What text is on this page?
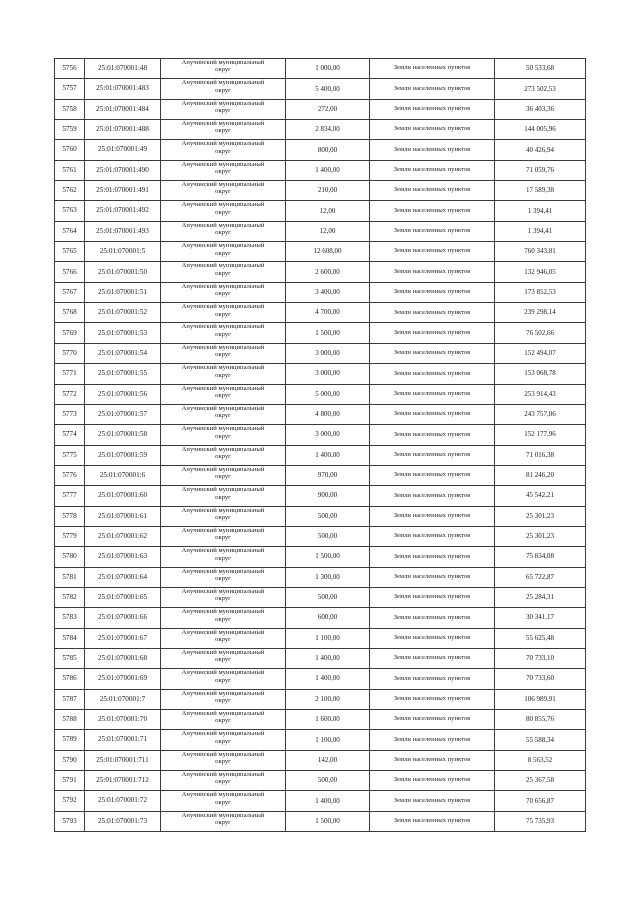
5756	25:01:070001:48	Анучинский муниципальный
округ	1 000,00	Земли населенных пунктов	50 533,68
5757	25:01:070001:483	Анучинский муниципальный
округ	5 400,00	Земли населенных пунктов	273 502,53
5758	25:01:070001:484	Анучинский муниципальный
округ	272,00	Земли населенных пунктов	36 403,36
5759	25:01:070001:488	Анучинский муниципальный
округ	2 834,00	Земли населенных пунктов	144 005,96
5760	25:01:070001:49	Анучинский муниципальный
округ	800,00	Земли населенных пунктов	40 426,94
5761	25:01:070001:490	Анучинский муниципальный
округ	1 400,00	Земли населенных пунктов	71 059,76
5762	25:01:070001:491	Анучинский муниципальный
округ	210,00	Земли населенных пунктов	17 589,38
5763	25:01:070001:492	Анучинский муниципальный
округ	12,00	Земли населенных пунктов	1 394,41
5764	25:01:070001:493	Анучинский муниципальный
округ	12,00	Земли населенных пунктов	1 394,41
5765	25:01:070001:5	Анучинский муниципальный
округ	12 608,00	Земли населенных пунктов	760 343,81
5766	25:01:070001:50	Анучинский муниципальный
округ	2 600,00	Земли населенных пунктов	132 946,05
5767	25:01:070001:51	Анучинский муниципальный
округ	3 400,00	Земли населенных пунктов	173 852,53
5768	25:01:070001:52	Анучинский муниципальный
округ	4 700,00	Земли населенных пунктов	239 298,14
5769	25:01:070001:53	Анучинский муниципальный
округ	1 500,00	Земли населенных пунктов	76 502,66
5770	25:01:070001:54	Анучинский муниципальный
округ	3 000,00	Земли населенных пунктов	152 494,07
5771	25:01:070001:55	Анучинский муниципальный
округ	3 000,00	Земли населенных пунктов	153 068,78
5772	25:01:070001:56	Анучинский муниципальный
округ	5 000,00	Земли населенных пунктов	253 914,43
5773	25:01:070001:57	Анучинский муниципальный
округ	4 800,00	Земли населенных пунктов	243 757,86
5774	25:01:070001:58	Анучинский муниципальный
округ	3 000,00	Земли населенных пунктов	152 177,96
5775	25:01:070001:59	Анучинский муниципальный
округ	1 400,00	Земли населенных пунктов	71 016,38
5776	25:01:070001:6	Анучинский муниципальный
округ	970,00	Земли населенных пунктов	81 246,20
5777	25:01:070001:60	Анучинский муниципальный
округ	900,00	Земли населенных пунктов	45 542,21
5778	25:01:070001:61	Анучинский муниципальный
округ	500,00	Земли населенных пунктов	25 301,23
5779	25:01:070001:62	Анучинский муниципальный
округ	500,00	Земли населенных пунктов	25 301,23
5780	25:01:070001:63	Анучинский муниципальный
округ	1 500,00	Земли населенных пунктов	75 834,08
5781	25:01:070001:64	Анучинский муниципальный
округ	1 300,00	Земли населенных пунктов	65 722,87
5782	25:01:070001:65	Анучинский муниципальный
округ	500,00	Земли населенных пунктов	25 284,31
5783	25:01:070001:66	Анучинский муниципальный
округ	600,00	Земли населенных пунктов	30 341,17
5784	25:01:070001:67	Анучинский муниципальный
округ	1 100,00	Земли населенных пунктов	55 625,48
5785	25:01:070001:68	Анучинский муниципальный
округ	1 400,00	Земли населенных пунктов	70 733,10
5786	25:01:070001:69	Анучинский муниципальный
округ	1 400,00	Земли населенных пунктов	70 733,60
5787	25:01:070001:7	Анучинский муниципальный
округ	2 100,00	Земли населенных пунктов	106 989,91
5788	25:01:070001:70	Анучинский муниципальный
округ	1 600,00	Земли населенных пунктов	80 855,76
5789	25:01:070001:71	Анучинский муниципальный
округ	1 100,00	Земли населенных пунктов	55 588,34
5790	25:01:070001:711	Анучинский муниципальный
округ	142,00	Земли населенных пунктов	8 563,52
5791	25:01:070001:712	Анучинский муниципальный
округ	500,00	Земли населенных пунктов	25 367,58
5792	25:01:070001:72	Анучинский муниципальный
округ	1 400,00	Земли населенных пунктов	70 656,87
5793	25:01:070001:73	Анучинский муниципальный
округ	1 500,00	Земли населенных пунктов	75 735,93
